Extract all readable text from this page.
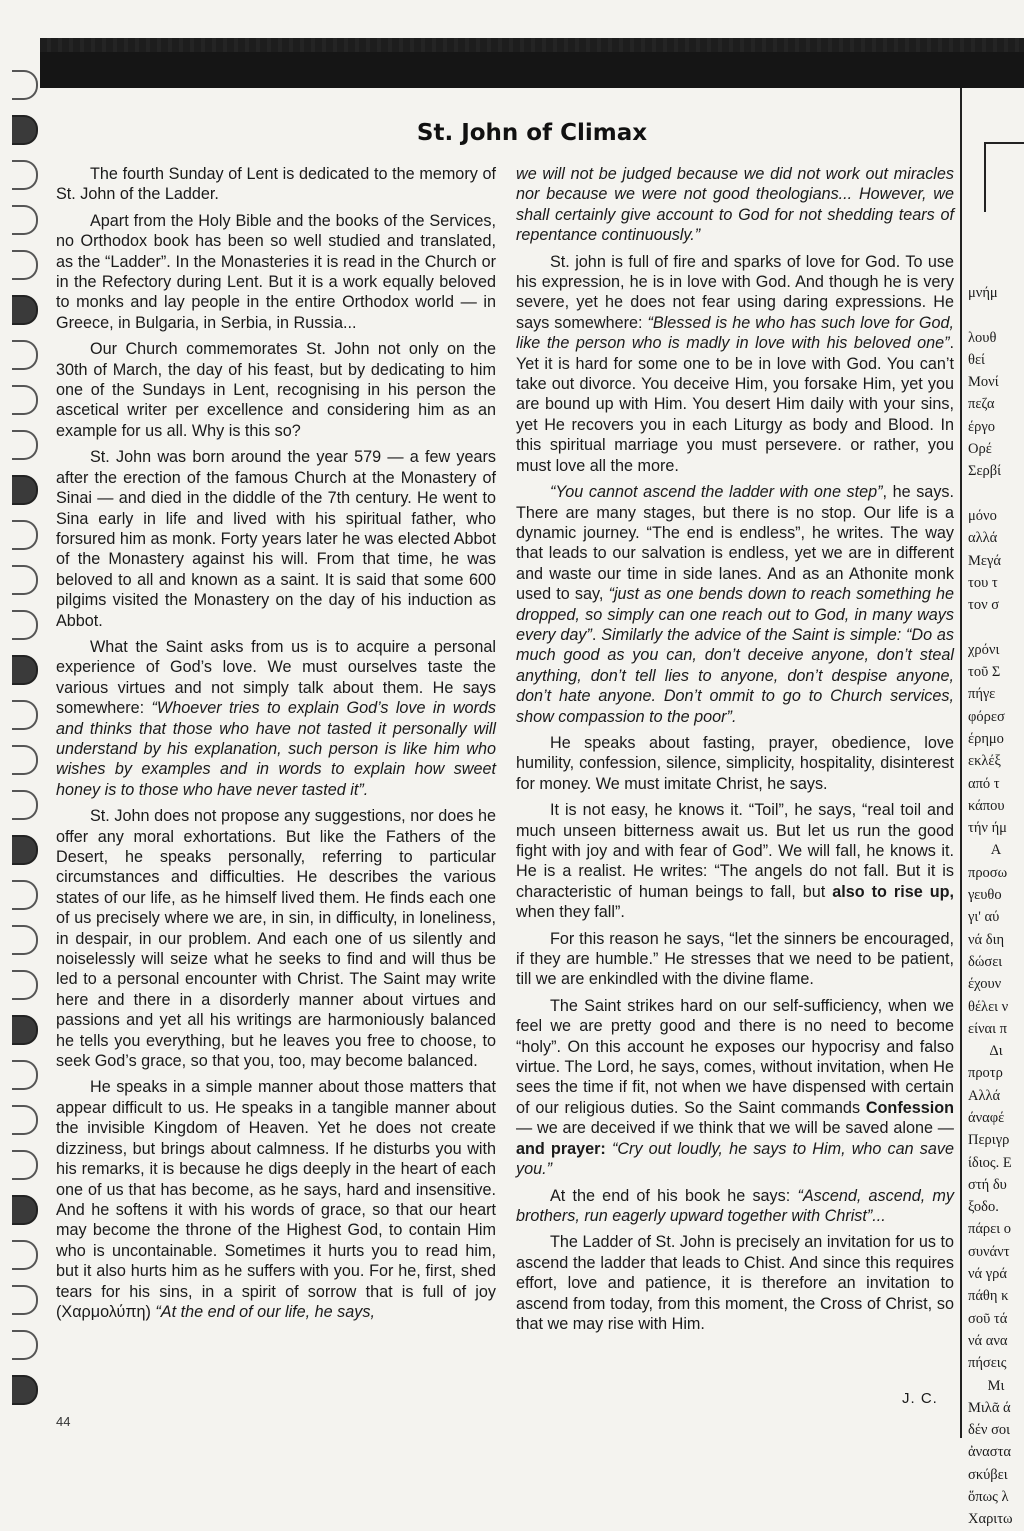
St. John of Climax

The fourth Sunday of Lent is dedicated to the memory of St. John of the Ladder.

Apart from the Holy Bible and the books of the Services, no Orthodox book has been so well studied and translated, as the “Ladder”. In the Monasteries it is read in the Church or in the Refectory during Lent. But it is a work equally beloved to monks and lay people in the entire Orthodox world — in Greece, in Bulgaria, in Serbia, in Russia...

Our Church commemorates St. John not only on the 30th of March, the day of his feast, but by dedicating to him one of the Sundays in Lent, recognising in his person the ascetical writer per excellence and considering him as an example for us all. Why is this so?

St. John was born around the year 579 — a few years after the erection of the famous Church at the Monastery of Sinai — and died in the diddle of the 7th century. He went to Sina early in life and lived with his spiritual father, who forsured him as monk. Forty years later he was elected Abbot of the Monastery against his will. From that time, he was beloved to all and known as a saint. It is said that some 600 pilgims visited the Monastery on the day of his induction as Abbot.

What the Saint asks from us is to acquire a personal experience of God’s love. We must ourselves taste the various virtues and not simply talk about them. He says somewhere: “Whoever tries to explain God’s love in words and thinks that those who have not tasted it personally will understand by his explanation, such person is like him who wishes by examples and in words to explain how sweet honey is to those who have never tasted it”.

St. John does not propose any suggestions, nor does he offer any moral exhortations. But like the Fathers of the Desert, he speaks personally, referring to particular circumstances and difficulties. He describes the various states of our life, as he himself lived them. He finds each one of us precisely where we are, in sin, in difficulty, in loneliness, in despair, in our problem. And each one of us silently and noiselessly will seize what he seeks to find and will thus be led to a personal encounter with Christ. The Saint may write here and there in a disorderly manner about virtues and passions and yet all his writings are harmoniously balanced he tells you everything, but he leaves you free to choose, to seek God’s grace, so that you, too, may become balanced.

He speaks in a simple manner about those matters that appear difficult to us. He speaks in a tangible manner about the invisible Kingdom of Heaven. Yet he does not create dizziness, but brings about calmness. If he disturbs you with his remarks, it is because he digs deeply in the heart of each one of us that has become, as he says, hard and insensitive. And he softens it with his words of grace, so that our heart may become the throne of the Highest God, to contain Him who is uncontainable. Sometimes it hurts you to read him, but it also hurts him as he suffers with you. For he, first, shed tears for his sins, in a spirit of sorrow that is full of joy (Χαρμολύπη) “At the end of our life, he says,

we will not be judged because we did not work out miracles nor because we were not good theologians... However, we shall certainly give account to God for not shedding tears of repentance continuously.”

St. john is full of fire and sparks of love for God. To use his expression, he is in love with God. And though he is very severe, yet he does not fear using daring expressions. He says somewhere: “Blessed is he who has such love for God, like the person who is madly in love with his beloved one”. Yet it is hard for some one to be in love with God. You can’t take out divorce. You deceive Him, you forsake Him, yet you are bound up with Him. You desert Him daily with your sins, yet He recovers you in each Liturgy as body and Blood. In this spiritual marriage you must persevere. or rather, you must love all the more.

“You cannot ascend the ladder with one step”, he says. There are many stages, but there is no stop. Our life is a dynamic journey. “The end is endless”, he writes. The way that leads to our salvation is endless, yet we are in different and waste our time in side lanes. And as an Athonite monk used to say, “just as one bends down to reach something he dropped, so simply can one reach out to God, in many ways every day”. Similarly the advice of the Saint is simple: “Do as much good as you can, don’t deceive anyone, don’t steal anything, don’t tell lies to anyone, don’t despise anyone, don’t hate anyone. Don’t ommit to go to Church services, show compassion to the poor”.

He speaks about fasting, prayer, obedience, love humility, confession, silence, simplicity, hospitality, disinterest for money. We must imitate Christ, he says.

It is not easy, he knows it. “Toil”, he says, “real toil and much unseen bitterness await us. But let us run the good fight with joy and with fear of God”. We will fall, he knows it. He is a realist. He writes: “The angels do not fall. But it is characteristic of human beings to fall, but also to rise up, when they fall”.

For this reason he says, “let the sinners be encouraged, if they are humble.” He stresses that we need to be patient, till we are enkindled with the divine flame.

The Saint strikes hard on our self-sufficiency, when we feel we are pretty good and there is no need to become “holy”. On this account he exposes our hypocrisy and falso virtue. The Lord, he says, comes, without invitation, when He sees the time if fit, not when we have dispensed with certain of our religious duties. So the Saint commands Confession — we are deceived if we think that we will be saved alone — and prayer: “Cry out loudly, he says to Him, who can save you.”

At the end of his book he says: “Ascend, ascend, my brothers, run eagerly upward together with Christ”...

The Ladder of St. John is precisely an invitation for us to ascend the ladder that leads to Chist. And since this requires effort, love and patience, it is therefore an invitation to ascend from today, from this moment, the Cross of Christ, so that we may rise with Him.

μνήμ

λουθ
θεί
Μονί
πεζα
έργο
Ορέ
Σερβί

μόνο
αλλά
Μεγά
του τ
τον σ

χρόνι
τοῦ Σ
πήγε
φόρεσ
έρημο
εκλέξ
από τ
κάπου
τήν ήμ
Α
προσω
γευθο
γι' αύ
νά διη
δώσει
έχουν
θέλει ν
είναι π
Δι
προτρ
Αλλά
άναφέ
Περιγρ
ίδιος. Ε
στή δυ
ξοδο.
πάρει ο
συνάντ
νά γρά
πάθη κ
σοῦ τά
νά ανα
πήσεις
Μι
Μιλᾶ ά
δέν σοι
ἀναστα
σκύβει
ὅπως λ
Χαριτω
J. C.
44
